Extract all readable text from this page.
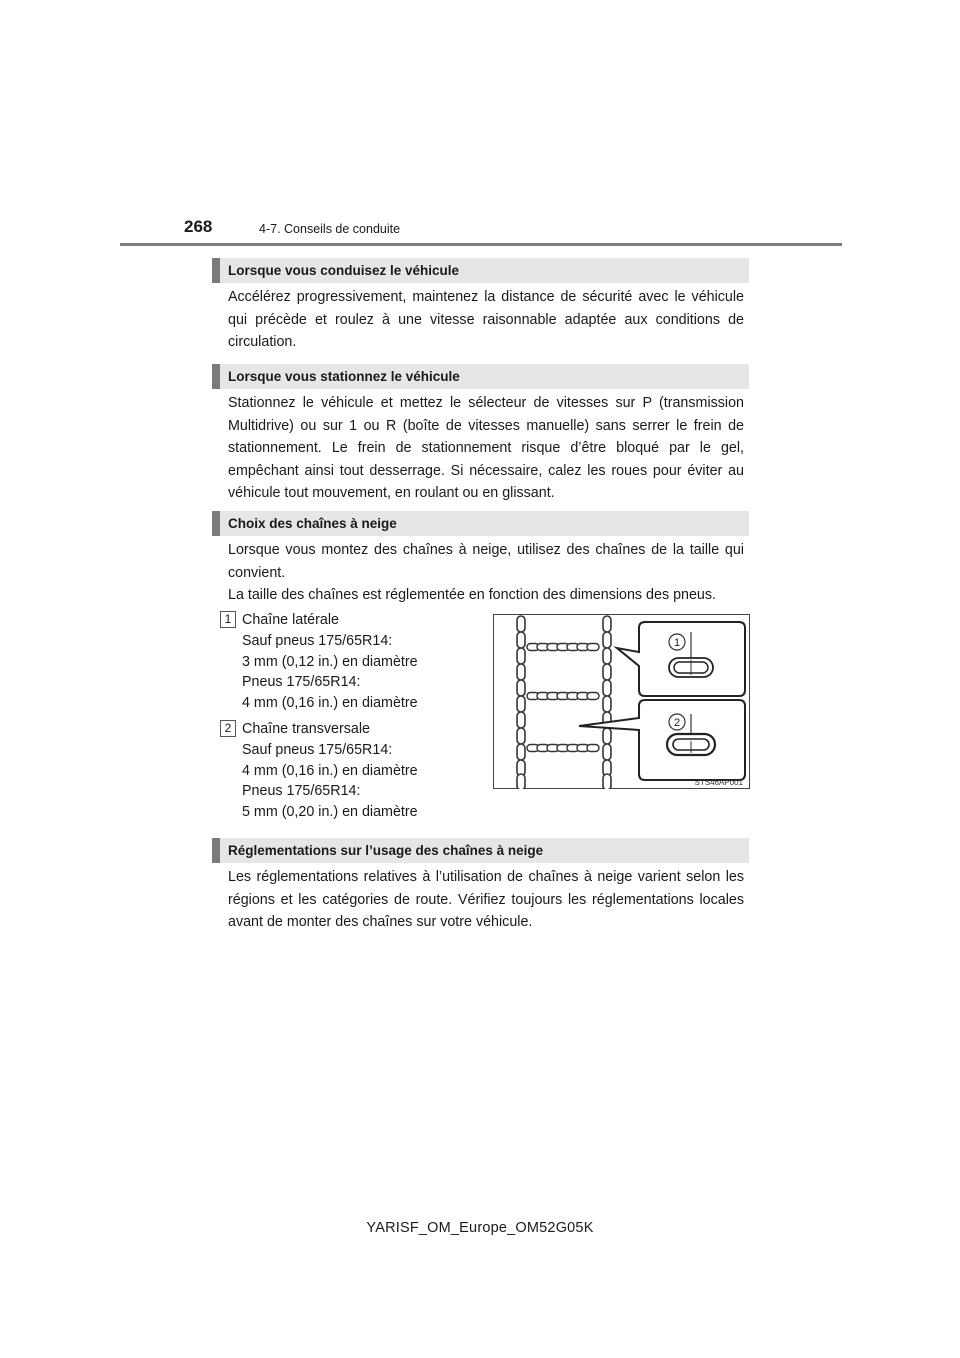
268	4-7. Conseils de conduite
Lorsque vous conduisez le véhicule

Accélérez progressivement, maintenez la distance de sécurité avec le véhicule qui précède et roulez à une vitesse raisonnable adaptée aux conditions de circulation.

Lorsque vous stationnez le véhicule

Stationnez le véhicule et mettez le sélecteur de vitesses sur P (transmission Multidrive) ou sur 1 ou R (boîte de vitesses manuelle) sans serrer le frein de stationnement. Le frein de stationnement risque d’être bloqué par le gel, empêchant ainsi tout desserrage. Si nécessaire, calez les roues pour éviter au véhicule tout mouvement, en roulant ou en glissant.

Choix des chaînes à neige

Lorsque vous montez des chaînes à neige, utilisez des chaînes de la taille qui convient.

La taille des chaînes est réglementée en fonction des dimensions des pneus.

1 Chaîne latérale
Sauf pneus 175/65R14:
3 mm (0,12 in.) en diamètre
Pneus 175/65R14:
4 mm (0,16 in.) en diamètre
2 Chaîne transversale
Sauf pneus 175/65R14:
4 mm (0,16 in.) en diamètre
Pneus 175/65R14:
5 mm (0,20 in.) en diamètre
1
2
STS46AP001
Réglementations sur l’usage des chaînes à neige

Les réglementations relatives à l’utilisation de chaînes à neige varient selon les régions et les catégories de route. Vérifiez toujours les réglementations locales avant de monter des chaînes sur votre véhicule.

YARISF_OM_Europe_OM52G05K
